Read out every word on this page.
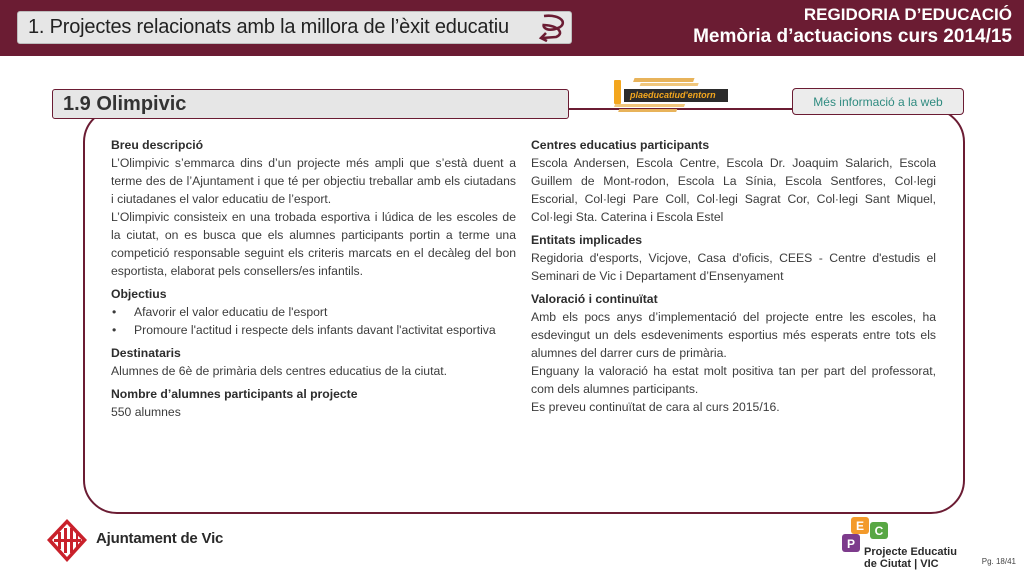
1. Projectes relacionats amb la millora de l’èxit educatiu
REGIDORIA D’EDUCACIÓ
Memòria d’actuacions curs 2014/15
1.9 Olimpivic	plaeducatiud'entorn	Més informació a la web
Breu descripció

L’Olimpivic s’emmarca dins d’un projecte més ampli que s’està duent a terme des de l’Ajuntament i que té per objectiu treballar amb els ciutadans i ciutadanes el valor educatiu de l’esport.

L’Olimpivic consisteix en una trobada esportiva i lúdica de les escoles de la ciutat, on es busca que els alumnes participants portin a terme una competició responsable seguint els criteris marcats en el decàleg del bon esportista, elaborat pels consellers/es infantils.

Objectius
• Afavorir el valor educatiu de l'esport
• Promoure l'actitud i respecte dels infants davant l'activitat esportiva
Destinataris

Alumnes de 6è de primària dels centres educatius de la ciutat.

Nombre d’alumnes participants al projecte

550 alumnes

Centres educatius participants

Escola Andersen, Escola Centre, Escola Dr. Joaquim Salarich, Escola Guillem de Mont-rodon, Escola La Sínia, Escola Sentfores, Col·legi Escorial, Col·legi Pare Coll, Col·legi Sagrat Cor, Col·legi Sant Miquel, Col·legi Sta. Caterina i Escola Estel

Entitats implicades

Regidoria d'esports, Vicjove, Casa d'oficis, CEES - Centre d'estudis el Seminari de Vic i Departament d’Ensenyament

Valoració i continuïtat

Amb els pocs anys d’implementació del projecte entre les escoles, ha esdevingut un dels esdeveniments esportius més esperats entre tots els alumnes del darrer curs de primària.

Enguany la valoració ha estat molt positiva tan per part del professorat, com dels alumnes participants.

Es preveu continuïtat de cara al curs 2015/16.

Ajuntament de Vic
E C
P
Projecte Educatiu
de Ciutat | VIC	Pg. 18/41
